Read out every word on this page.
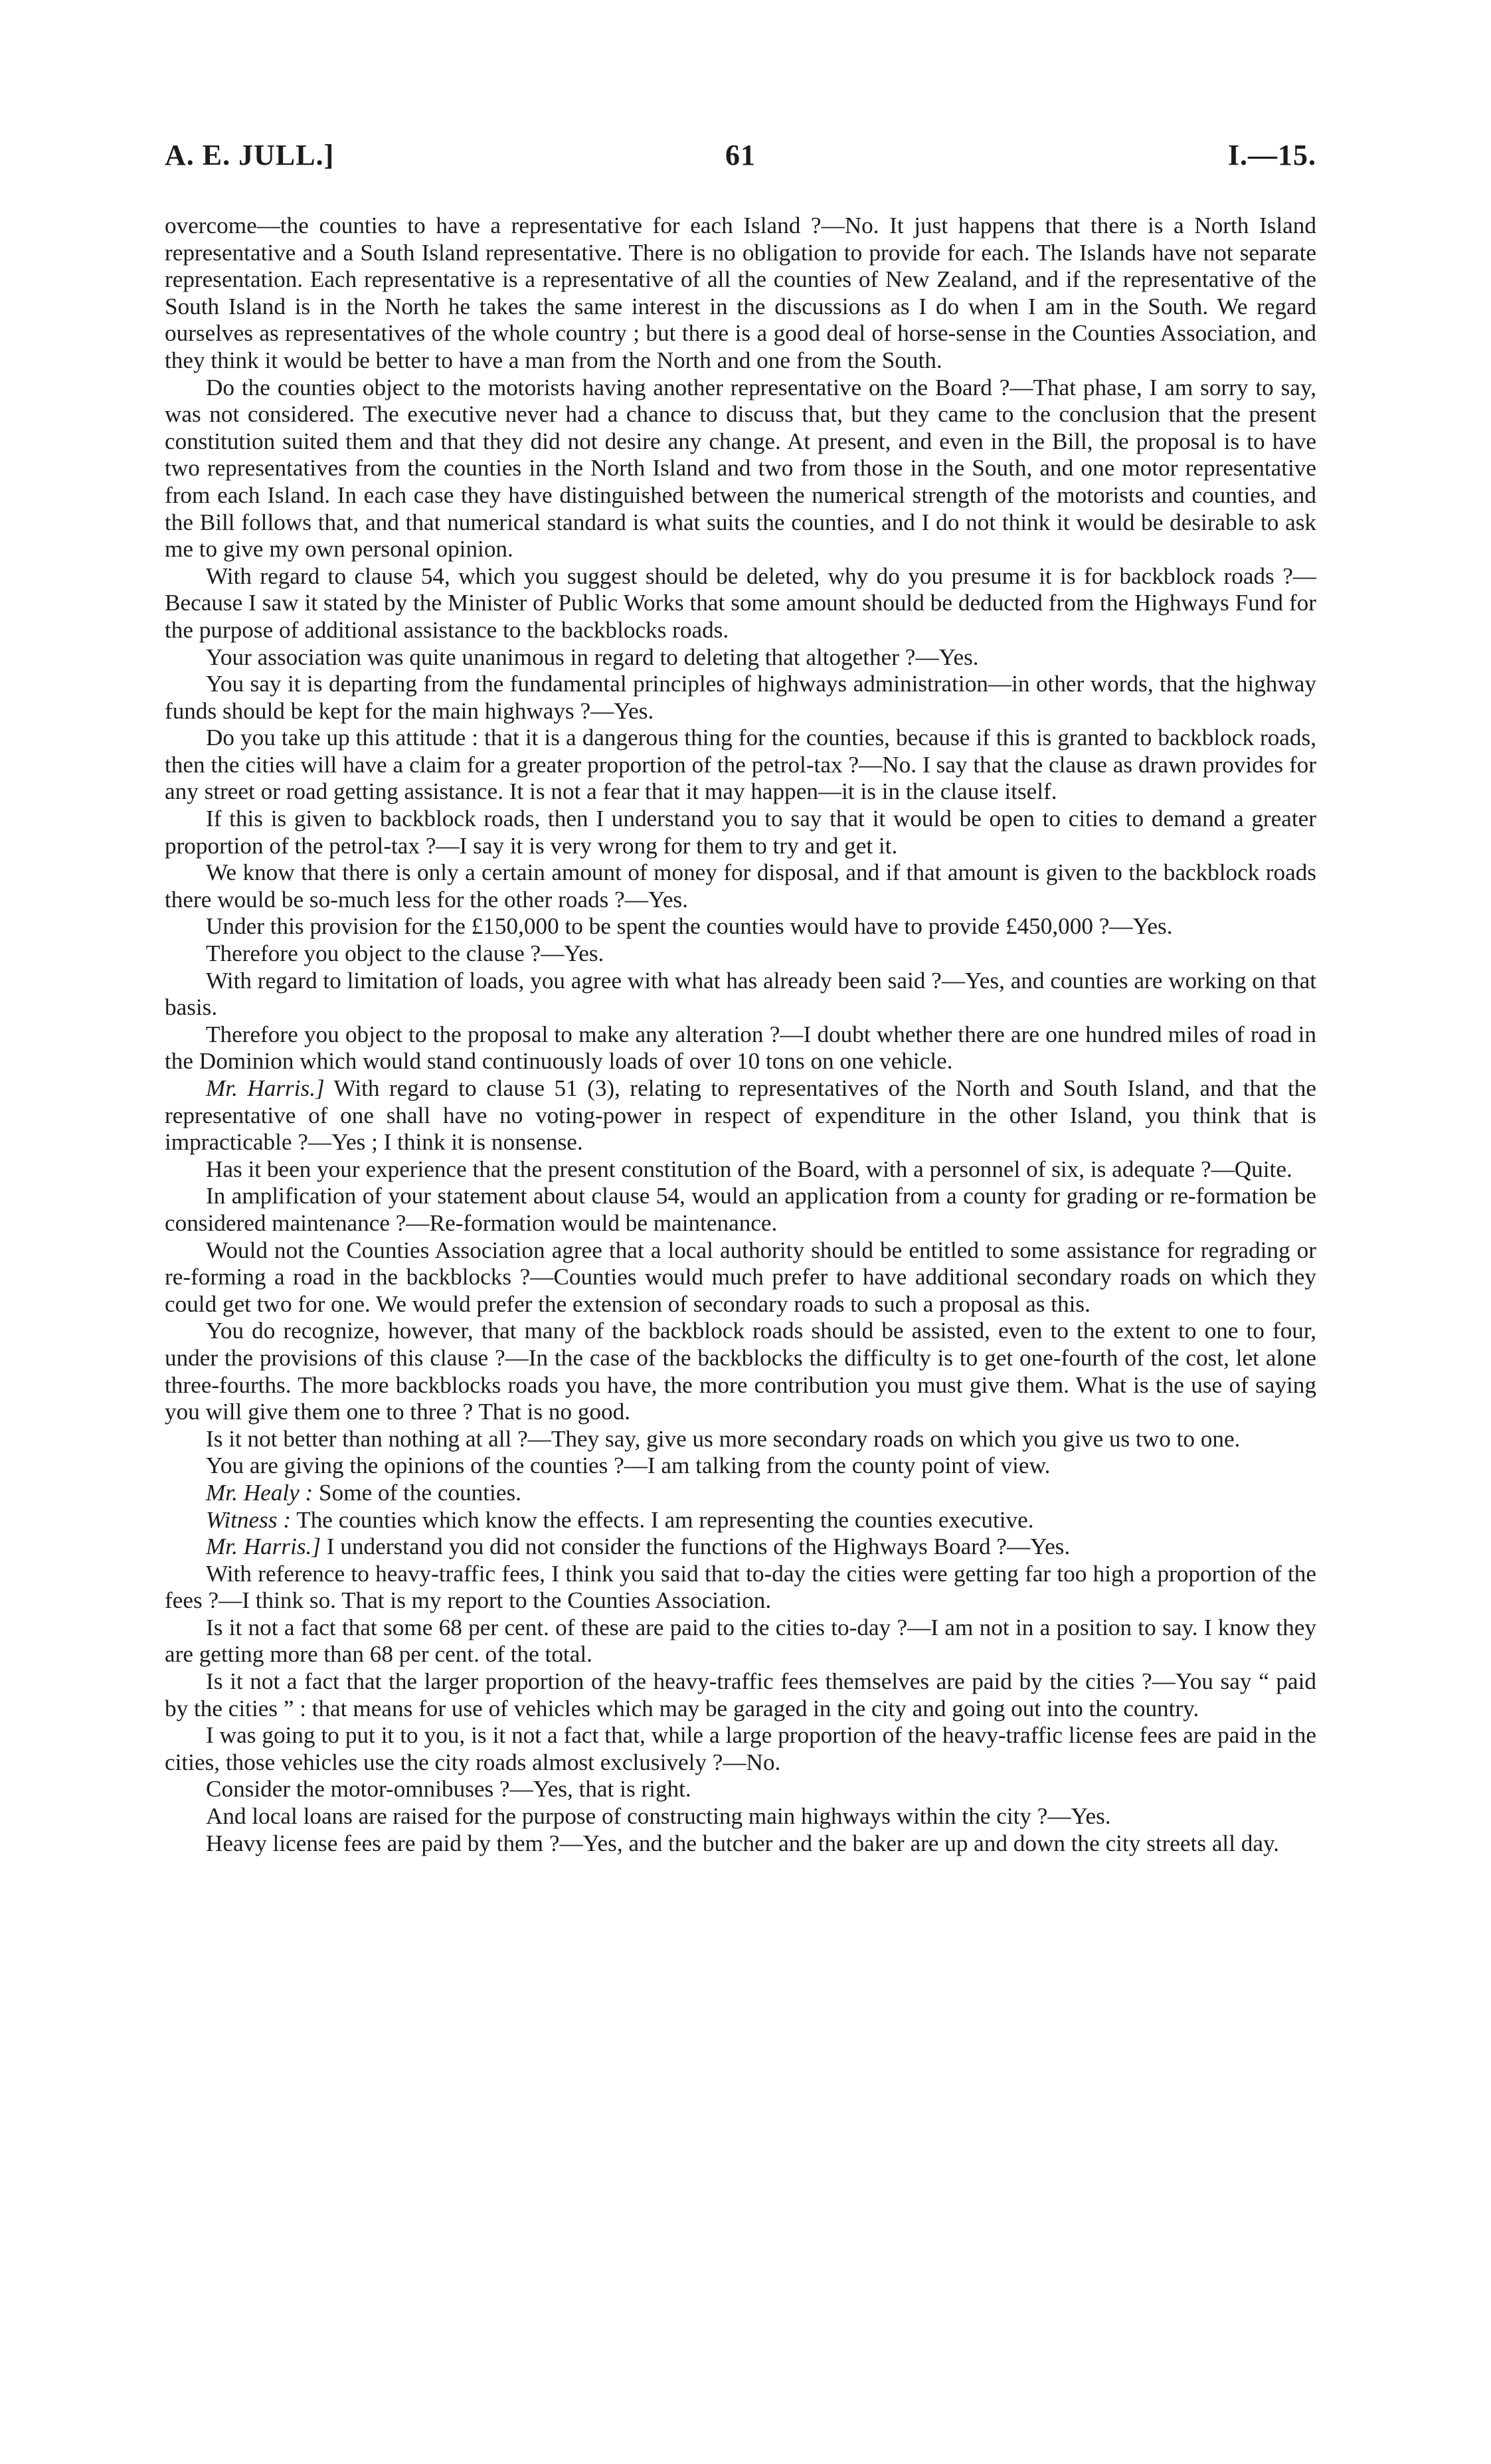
A. E. JULL.]	61	I.—15.

overcome—the counties to have a representative for each Island ?—No. It just happens that there is a North Island representative and a South Island representative. There is no obligation to provide for each. The Islands have not separate representation. Each representative is a representative of all the counties of New Zealand, and if the representative of the South Island is in the North he takes the same interest in the discussions as I do when I am in the South. We regard ourselves as representatives of the whole country ; but there is a good deal of horse-sense in the Counties Association, and they think it would be better to have a man from the North and one from the South.

Do the counties object to the motorists having another representative on the Board ?—That phase, I am sorry to say, was not considered. The executive never had a chance to discuss that, but they came to the conclusion that the present constitution suited them and that they did not desire any change. At present, and even in the Bill, the proposal is to have two representatives from the counties in the North Island and two from those in the South, and one motor representative from each Island. In each case they have distinguished between the numerical strength of the motorists and counties, and the Bill follows that, and that numerical standard is what suits the counties, and I do not think it would be desirable to ask me to give my own personal opinion.

With regard to clause 54, which you suggest should be deleted, why do you presume it is for backblock roads ?—Because I saw it stated by the Minister of Public Works that some amount should be deducted from the Highways Fund for the purpose of additional assistance to the backblocks roads.

Your association was quite unanimous in regard to deleting that altogether ?—Yes.

You say it is departing from the fundamental principles of highways administration—in other words, that the highway funds should be kept for the main highways ?—Yes.

Do you take up this attitude : that it is a dangerous thing for the counties, because if this is granted to backblock roads, then the cities will have a claim for a greater proportion of the petrol-tax ?—No. I say that the clause as drawn provides for any street or road getting assistance. It is not a fear that it may happen—it is in the clause itself.

If this is given to backblock roads, then I understand you to say that it would be open to cities to demand a greater proportion of the petrol-tax ?—I say it is very wrong for them to try and get it.

We know that there is only a certain amount of money for disposal, and if that amount is given to the backblock roads there would be so-much less for the other roads ?—Yes.

Under this provision for the £150,000 to be spent the counties would have to provide £450,000 ?—Yes.

Therefore you object to the clause ?—Yes.

With regard to limitation of loads, you agree with what has already been said ?—Yes, and counties are working on that basis.

Therefore you object to the proposal to make any alteration ?—I doubt whether there are one hundred miles of road in the Dominion which would stand continuously loads of over 10 tons on one vehicle.

Mr. Harris.] With regard to clause 51 (3), relating to representatives of the North and South Island, and that the representative of one shall have no voting-power in respect of expenditure in the other Island, you think that is impracticable ?—Yes ; I think it is nonsense.

Has it been your experience that the present constitution of the Board, with a personnel of six, is adequate ?—Quite.

In amplification of your statement about clause 54, would an application from a county for grading or re-formation be considered maintenance ?—Re-formation would be maintenance.

Would not the Counties Association agree that a local authority should be entitled to some assistance for regrading or re-forming a road in the backblocks ?—Counties would much prefer to have additional secondary roads on which they could get two for one. We would prefer the extension of secondary roads to such a proposal as this.

You do recognize, however, that many of the backblock roads should be assisted, even to the extent to one to four, under the provisions of this clause ?—In the case of the backblocks the difficulty is to get one-fourth of the cost, let alone three-fourths. The more backblocks roads you have, the more contribution you must give them. What is the use of saying you will give them one to three ? That is no good.

Is it not better than nothing at all ?—They say, give us more secondary roads on which you give us two to one.

You are giving the opinions of the counties ?—I am talking from the county point of view.

Mr. Healy : Some of the counties.

Witness : The counties which know the effects. I am representing the counties executive.

Mr. Harris.] I understand you did not consider the functions of the Highways Board ?—Yes.

With reference to heavy-traffic fees, I think you said that to-day the cities were getting far too high a proportion of the fees ?—I think so. That is my report to the Counties Association.

Is it not a fact that some 68 per cent. of these are paid to the cities to-day ?—I am not in a position to say. I know they are getting more than 68 per cent. of the total.

Is it not a fact that the larger proportion of the heavy-traffic fees themselves are paid by the cities ?—You say “ paid by the cities ” : that means for use of vehicles which may be garaged in the city and going out into the country.

I was going to put it to you, is it not a fact that, while a large proportion of the heavy-traffic license fees are paid in the cities, those vehicles use the city roads almost exclusively ?—No.

Consider the motor-omnibuses ?—Yes, that is right.

And local loans are raised for the purpose of constructing main highways within the city ?—Yes.

Heavy license fees are paid by them ?—Yes, and the butcher and the baker are up and down the city streets all day.
